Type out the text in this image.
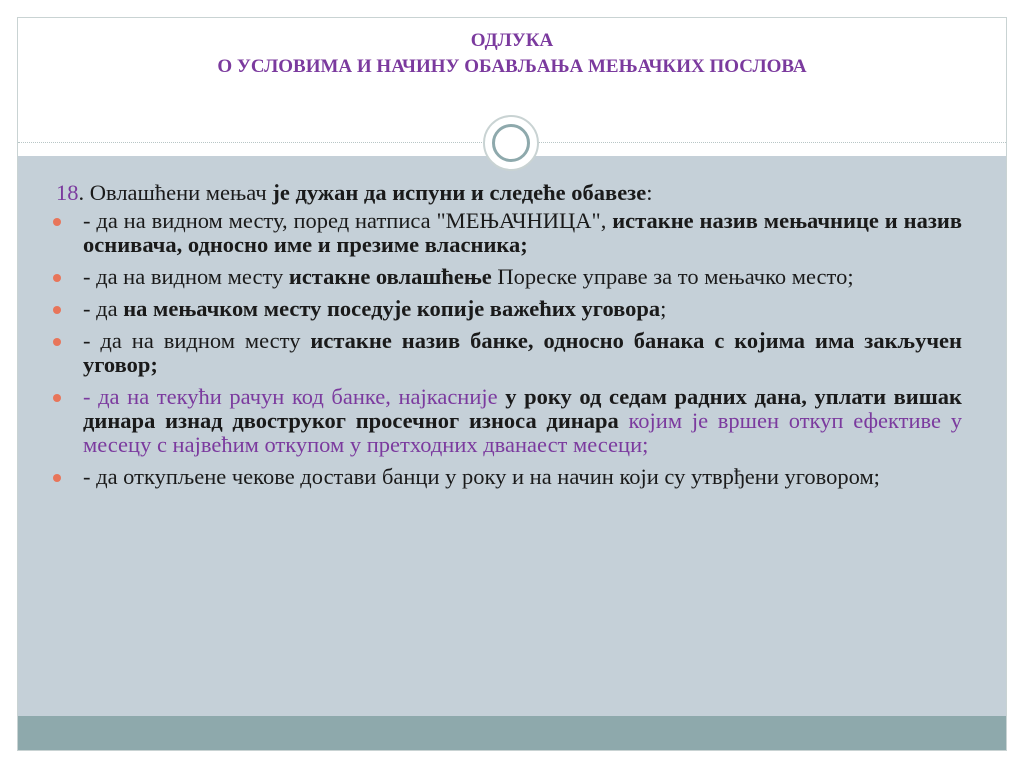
ОДЛУКА
О УСЛОВИМА И НАЧИНУ ОБАВЉАЊА МЕЊАЧКИХ ПОСЛОВА
18. Овлашћени мењач је дужан да испуни и следеће обавезе:
- да на видном месту, поред натписа "МЕЊАЧНИЦА", истакне назив мењачнице и назив оснивача, односно име и презиме власника;
- да на видном месту истакне овлашћење Пореске управе за то мењачко место;
- да на мењачком месту поседује копије важећих уговора;
- да на видном месту истакне назив банке, односно банака с којима има закључен уговор;
- да на текући рачун код банке, најкасније у року од седам радних дана, уплати вишак динара изнад двоструког просечног износа динара којим је вршен откуп ефективе у месецу с највећим откупом у претходних дванаест месеци;
- да откупљене чекове достави банци у року и на начин који су утврђени уговором;
